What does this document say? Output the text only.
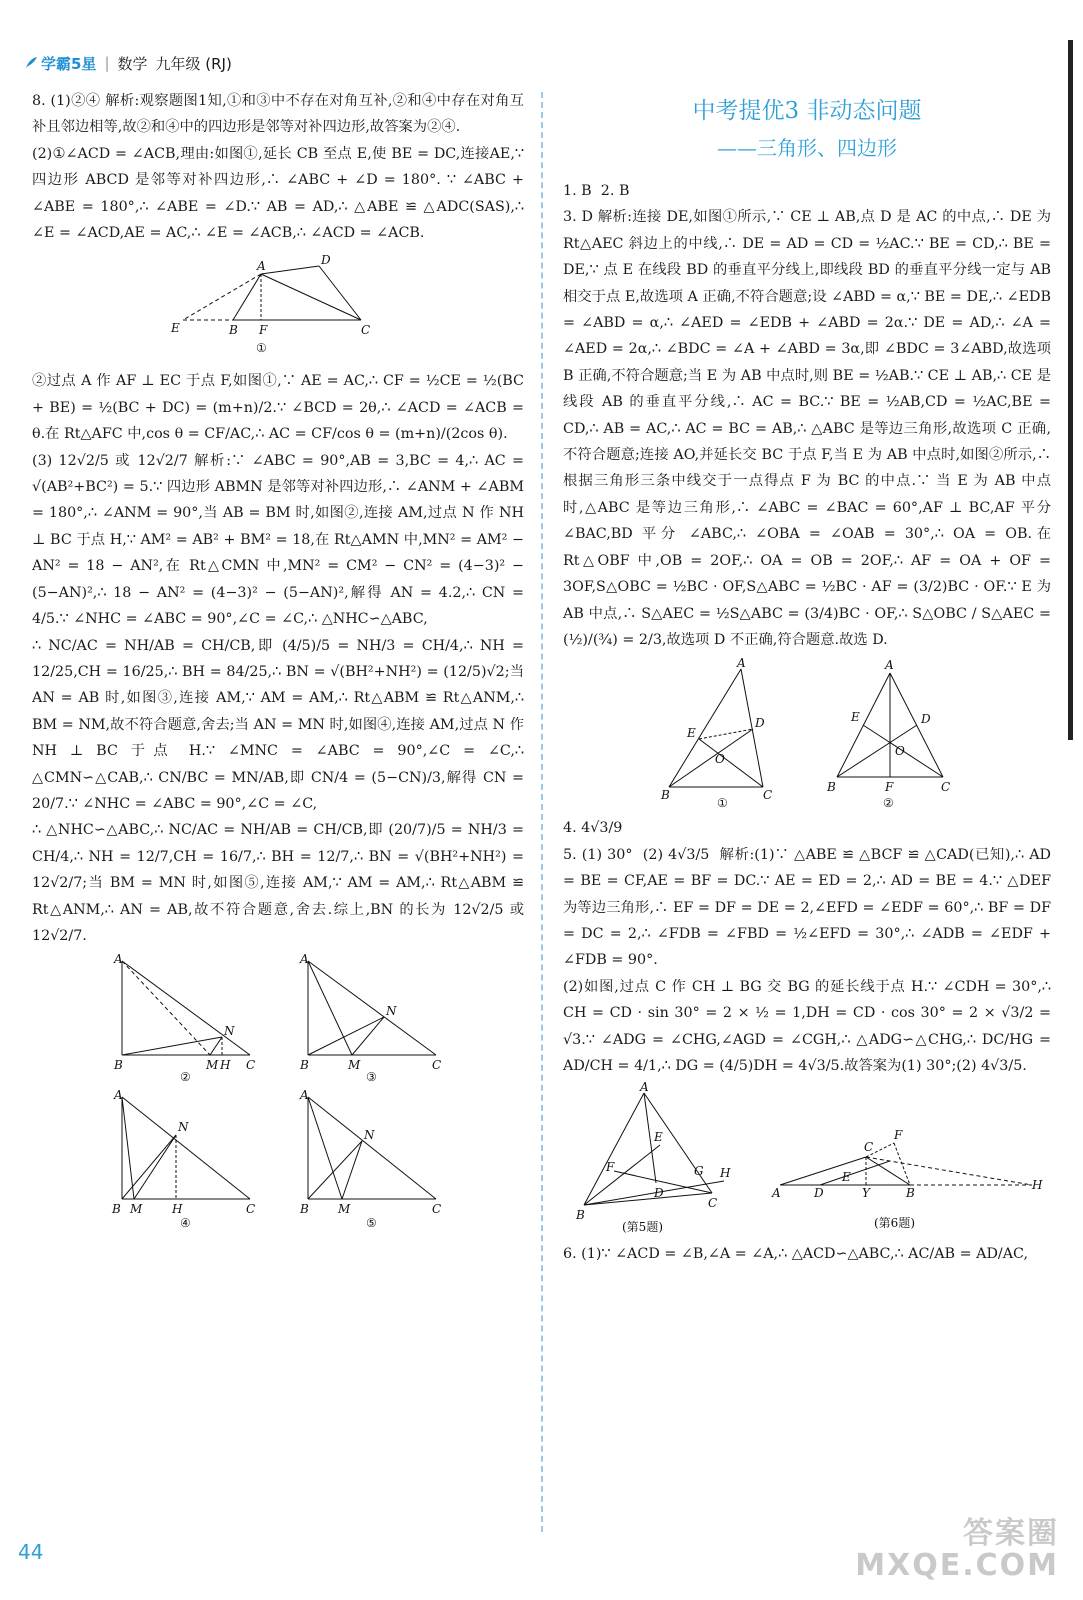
学霸5星 | 数学 九年级 (RJ)

8. (1)②④ 解析:观察题图1知,①和③中不存在对角互补,②和④中存在对角互补且邻边相等,故②和④中的四边形是邻等对补四边形,故答案为②④.

(2)①∠ACD = ∠ACB,理由:如图①,延长 CB 至点 E,使 BE = DC,连接AE,∵ 四边形 ABCD 是邻等对补四边形,∴ ∠ABC + ∠D = 180°. ∵ ∠ABC + ∠ABE = 180°,∴ ∠ABE = ∠D.∵ AB = AD,∴ △ABE ≌ △ADC(SAS),∴ ∠E = ∠ACD,AE = AC,∴ ∠E = ∠ACB,∴ ∠ACD = ∠ACB.

A	D
E	B F	C
①

②过点 A 作 AF ⊥ EC 于点 F,如图①,∵ AE = AC,∴ CF = ½CE = ½(BC + BE) = ½(BC + DC) = (m+n)/2.∵ ∠BCD = 2θ,∴ ∠ACD = ∠ACB = θ.在 Rt△AFC 中,cos θ = CF/AC,∴ AC = CF/cos θ = (m+n)/(2cos θ).

(3) 12√2/5 或 12√2/7 解析:∵ ∠ABC = 90°,AB = 3,BC = 4,∴ AC = √(AB²+BC²) = 5.∵ 四边形 ABMN 是邻等对补四边形,∴ ∠ANM + ∠ABM = 180°,∴ ∠ANM = 90°,当 AB = BM 时,如图②,连接 AM,过点 N 作 NH ⊥ BC 于点 H,∵ AM² = AB² + BM² = 18,在 Rt△AMN 中,MN² = AM² − AN² = 18 − AN²,在 Rt△CMN 中,MN² = CM² − CN² = (4−3)² − (5−AN)²,∴ 18 − AN² = (4−3)² − (5−AN)²,解得 AN = 4.2,∴ CN = 4/5.∵ ∠NHC = ∠ABC = 90°,∠C = ∠C,∴ △NHC∽△ABC,

∴ NC/AC = NH/AB = CH/CB,即 (4/5)/5 = NH/3 = CH/4,∴ NH = 12/25,CH = 16/25,∴ BH = 84/25,∴ BN = √(BH²+NH²) = (12/5)√2;当 AN = AB 时,如图③,连接 AM,∵ AM = AM,∴ Rt△ABM ≌ Rt△ANM,∴ BM = NM,故不符合题意,舍去;当 AN = MN 时,如图④,连接 AM,过点 N 作 NH ⊥ BC 于点 H.∵ ∠MNC = ∠ABC = 90°,∠C = ∠C,∴ △CMN∽△CAB,∴ CN/BC = MN/AB,即 CN/4 = (5−CN)/3,解得 CN = 20/7.∵ ∠NHC = ∠ABC = 90°,∠C = ∠C,

∴ △NHC∽△ABC,∴ NC/AC = NH/AB = CH/CB,即 (20/7)/5 = NH/3 = CH/4,∴ NH = 12/7,CH = 16/7,∴ BH = 12/7,∴ BN = √(BH²+NH²) = 12√2/7;当 BM = MN 时,如图⑤,连接 AM,∵ AM = AM,∴ Rt△ABM ≌ Rt△ANM,∴ AN = AB,故不符合题意,舍去.综上,BN 的长为 12√2/5 或 12√2/7.

A
N
B	M H C
②
A
N
B	M	C
③
A
N
B M H	C
④
A
N
B M	C
⑤
中考提优3 非动态问题
——三角形、四边形

1. B  2. B

3. D 解析:连接 DE,如图①所示,∵ CE ⊥ AB,点 D 是 AC 的中点,∴ DE 为 Rt△AEC 斜边上的中线,∴ DE = AD = CD = ½AC.∵ BE = CD,∴ BE = DE,∵ 点 E 在线段 BD 的垂直平分线上,即线段 BD 的垂直平分线一定与 AB 相交于点 E,故选项 A 正确,不符合题意;设 ∠ABD = α,∵ BE = DE,∴ ∠EDB = ∠ABD = α,∴ ∠AED = ∠EDB + ∠ABD = 2α.∵ DE = AD,∴ ∠A = ∠AED = 2α,∴ ∠BDC = ∠A + ∠ABD = 3α,即 ∠BDC = 3∠ABD,故选项 B 正确,不符合题意;当 E 为 AB 中点时,则 BE = ½AB.∵ CE ⊥ AB,∴ CE 是线段 AB 的垂直平分线,∴ AC = BC.∵ BE = ½AB,CD = ½AC,BE = CD,∴ AB = AC,∴ AC = BC = AB,∴ △ABC 是等边三角形,故选项 C 正确,不符合题意;连接 AO,并延长交 BC 于点 F,当 E 为 AB 中点时,如图②所示,∴ 根据三角形三条中线交于一点得点 F 为 BC 的中点.∵ 当 E 为 AB 中点时,△ABC 是等边三角形,∴ ∠ABC = ∠BAC = 60°,AF ⊥ BC,AF 平分 ∠BAC,BD 平分 ∠ABC,∴ ∠OBA = ∠OAB = 30°,∴ OA = OB.在 Rt△OBF 中,OB = 2OF,∴ OA = OB = 2OF,∴ AF = OA + OF = 3OF,S△OBC = ½BC · OF,S△ABC = ½BC · AF = (3/2)BC · OF.∵ E 为 AB 中点,∴ S△AEC = ½S△ABC = (3/4)BC · OF,∴ S△OBC / S△AEC = (½)/(¾) = 2/3,故选项 D 不正确,符合题意.故选 D.

A
D
E
O
B	C
①
A
D
E
O
B	F	C
②

4. 4√3/9

5. (1) 30°  (2) 4√3/5  解析:(1)∵ △ABE ≌ △BCF ≌ △CAD(已知),∴ AD = BE = CF,AE = BF = DC.∵ AE = ED = 2,∴ AD = BE = 4.∵ △DEF 为等边三角形,∴ EF = DF = DE = 2,∠EFD = ∠EDF = 60°,∴ BF = DF = DC = 2,∴ ∠FDB = ∠FBD = ½∠EFD = 30°,∴ ∠ADB = ∠EDF + ∠FDB = 90°.

(2)如图,过点 C 作 CH ⊥ BG 交 BG 的延长线于点 H.∵ ∠CDH = 30°,∴ CH = CD · sin 30° = 2 × ½ = 1,DH = CD · cos 30° = 2 × √3/2 = √3.∵ ∠ADG = ∠CHG,∠AGD = ∠CGH,∴ △ADG∽△CHG,∴ DC/HG = AD/CH = 4/1,∴ DG = (4/5)DH = 4√3/5.故答案为(1) 30°;(2) 4√3/5.

A
E
F
D
G H
B
C
(第5题)
A	D
E
Y
C
F
B
H
(第6题)

6. (1)∵ ∠ACD = ∠B,∠A = ∠A,∴ △ACD∽△ABC,∴ AC/AB = AD/AC,

44
答案圈
MXQE.COM
